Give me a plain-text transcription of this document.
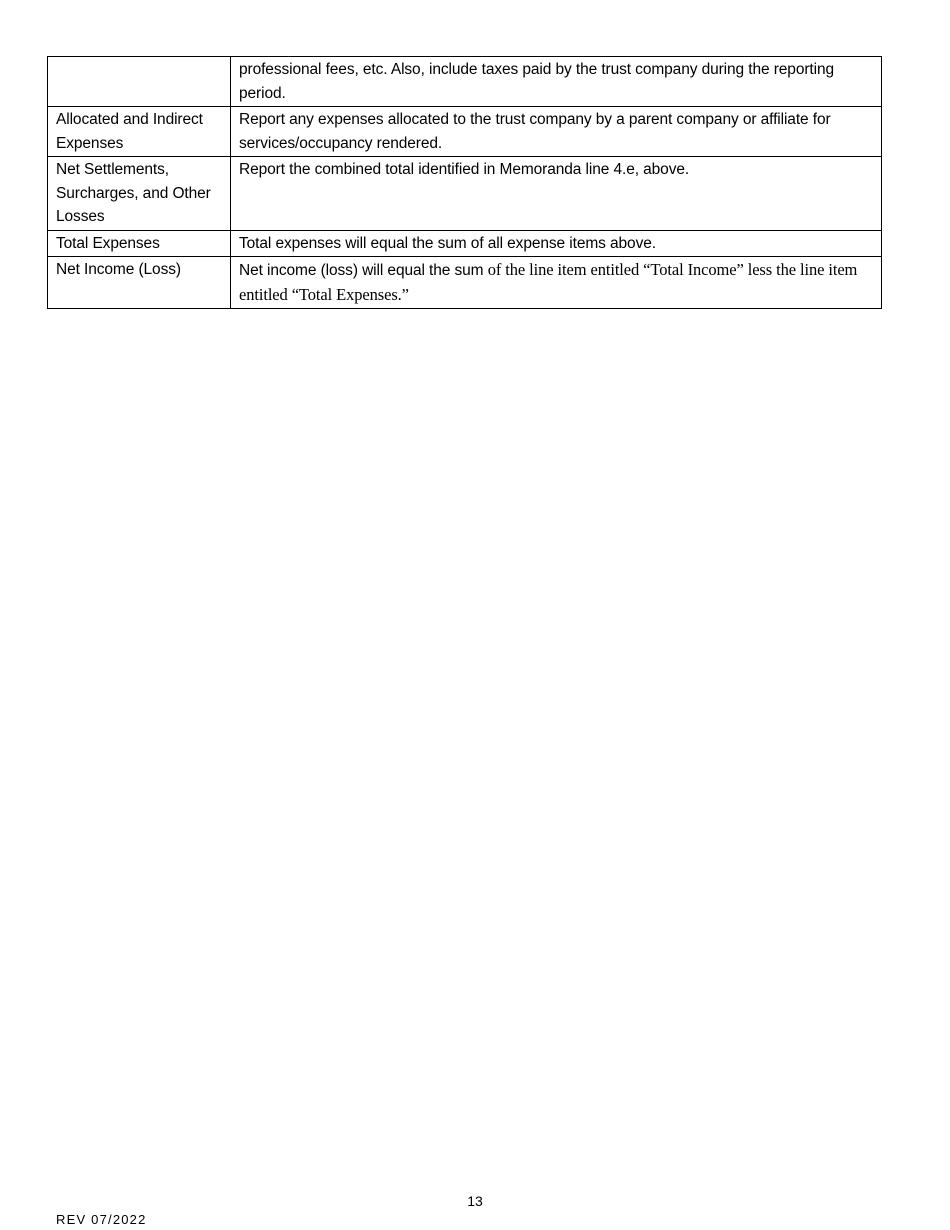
	professional fees, etc. Also, include taxes paid by the trust company during the reporting period.
Allocated and Indirect Expenses	Report any expenses allocated to the trust company by a parent company or affiliate for services/occupancy rendered.
Net Settlements, Surcharges, and Other Losses	Report the combined total identified in Memoranda line 4.e, above.
Total Expenses	Total expenses will equal the sum of all expense items above.
Net Income (Loss)	Net income (loss) will equal the sum of the line item entitled “Total Income” less the line item entitled “Total Expenses.”
13
REV 07/2022
